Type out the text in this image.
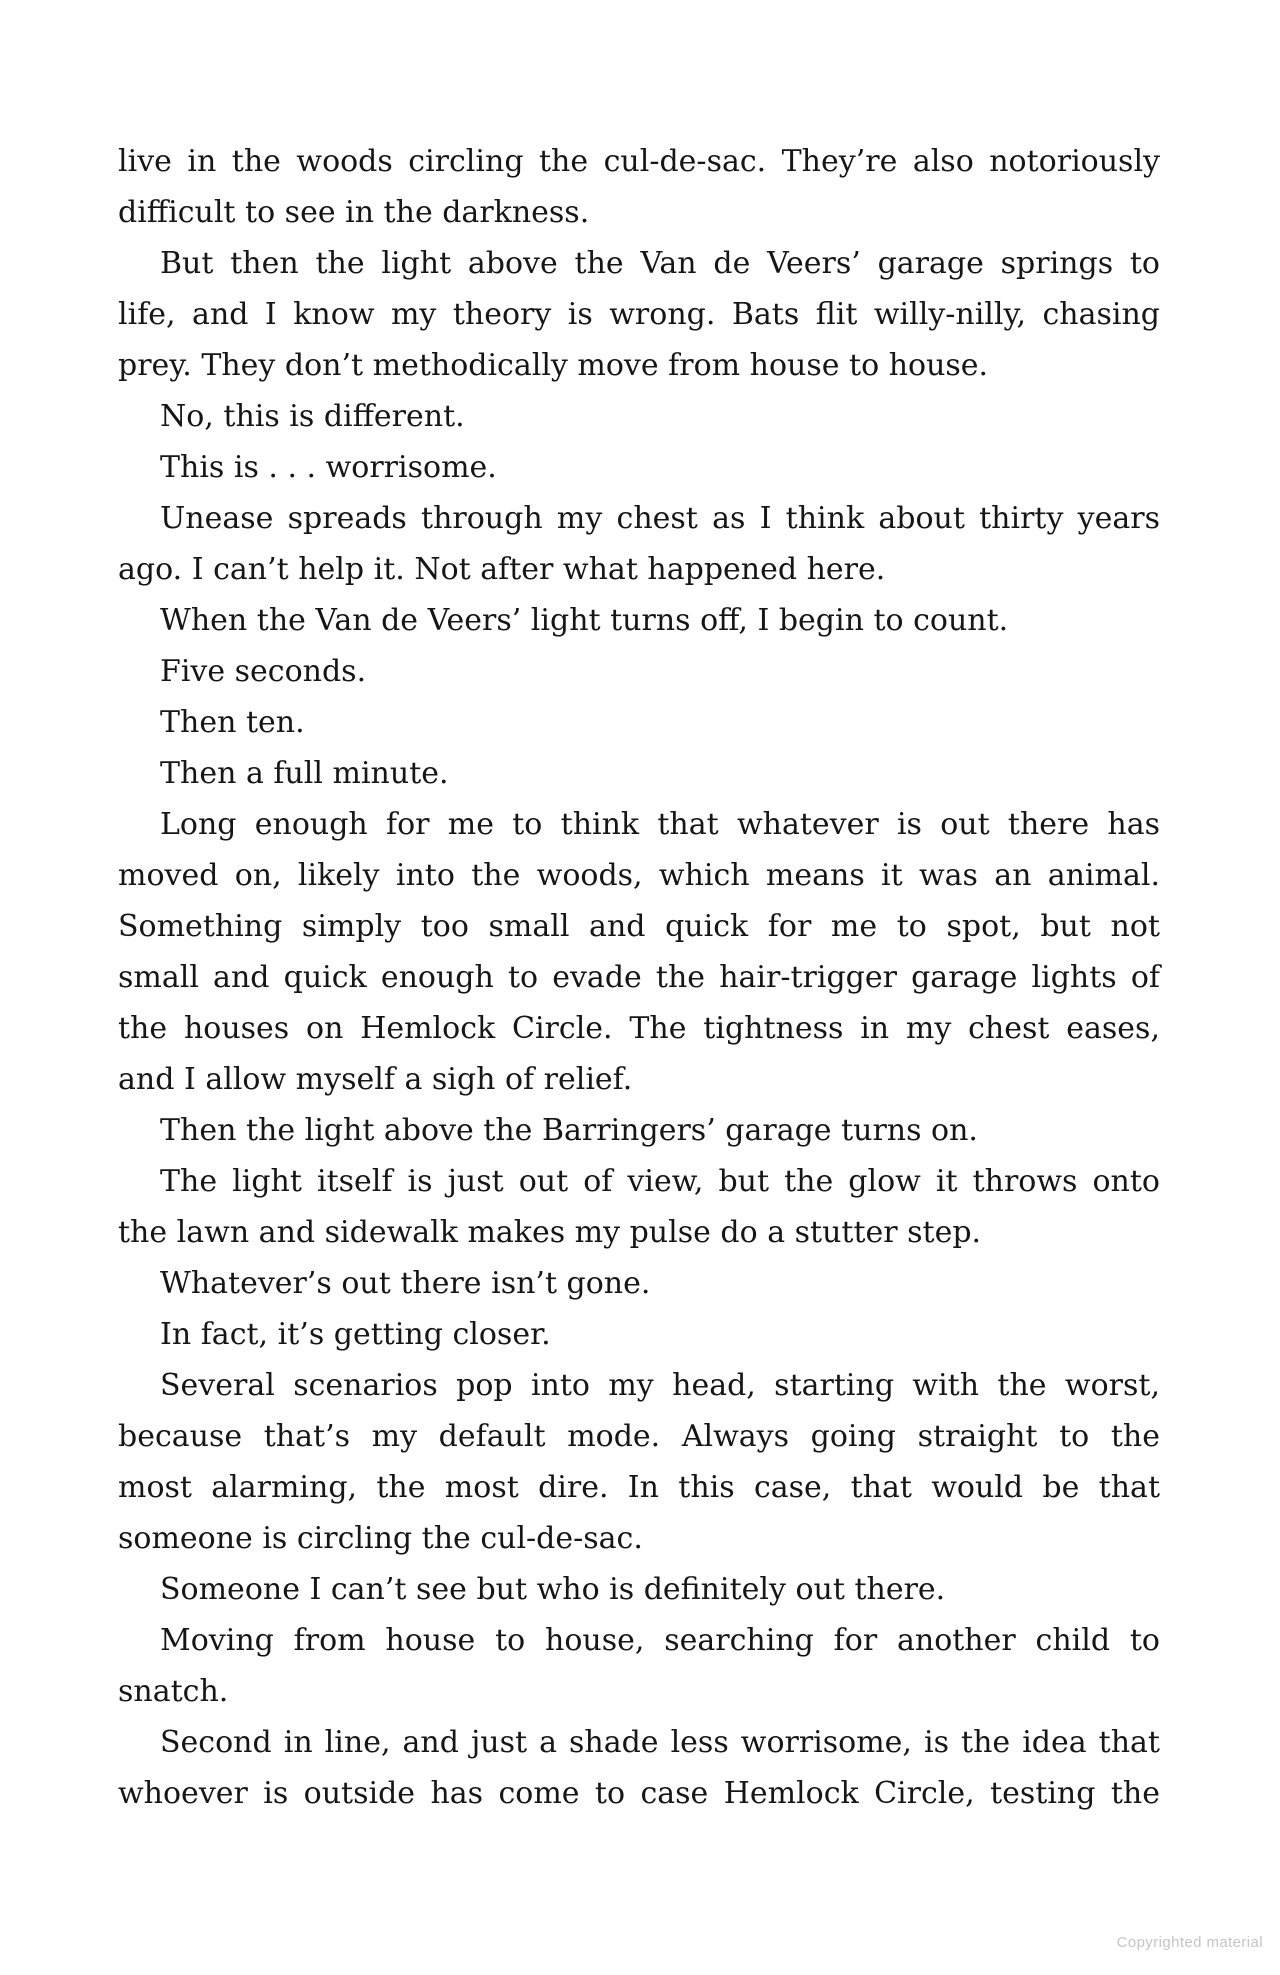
live in the woods circling the cul-de-sac. They’re also notoriously
difficult to see in the darkness.
But then the light above the Van de Veers’ garage springs to
life, and I know my theory is wrong. Bats flit willy-nilly, chasing
prey. They don’t methodically move from house to house.
No, this is different.
This is . . . worrisome.
Unease spreads through my chest as I think about thirty years
ago. I can’t help it. Not after what happened here.
When the Van de Veers’ light turns off, I begin to count.
Five seconds.
Then ten.
Then a full minute.
Long enough for me to think that whatever is out there has
moved on, likely into the woods, which means it was an animal.
Something simply too small and quick for me to spot, but not
small and quick enough to evade the hair-trigger garage lights of
the houses on Hemlock Circle. The tightness in my chest eases,
and I allow myself a sigh of relief.
Then the light above the Barringers’ garage turns on.
The light itself is just out of view, but the glow it throws onto
the lawn and sidewalk makes my pulse do a stutter step.
Whatever’s out there isn’t gone.
In fact, it’s getting closer.
Several scenarios pop into my head, starting with the worst,
because that’s my default mode. Always going straight to the
most alarming, the most dire. In this case, that would be that
someone is circling the cul-de-sac.
Someone I can’t see but who is definitely out there.
Moving from house to house, searching for another child to
snatch.
Second in line, and just a shade less worrisome, is the idea that
whoever is outside has come to case Hemlock Circle, testing the
Copyrighted material
